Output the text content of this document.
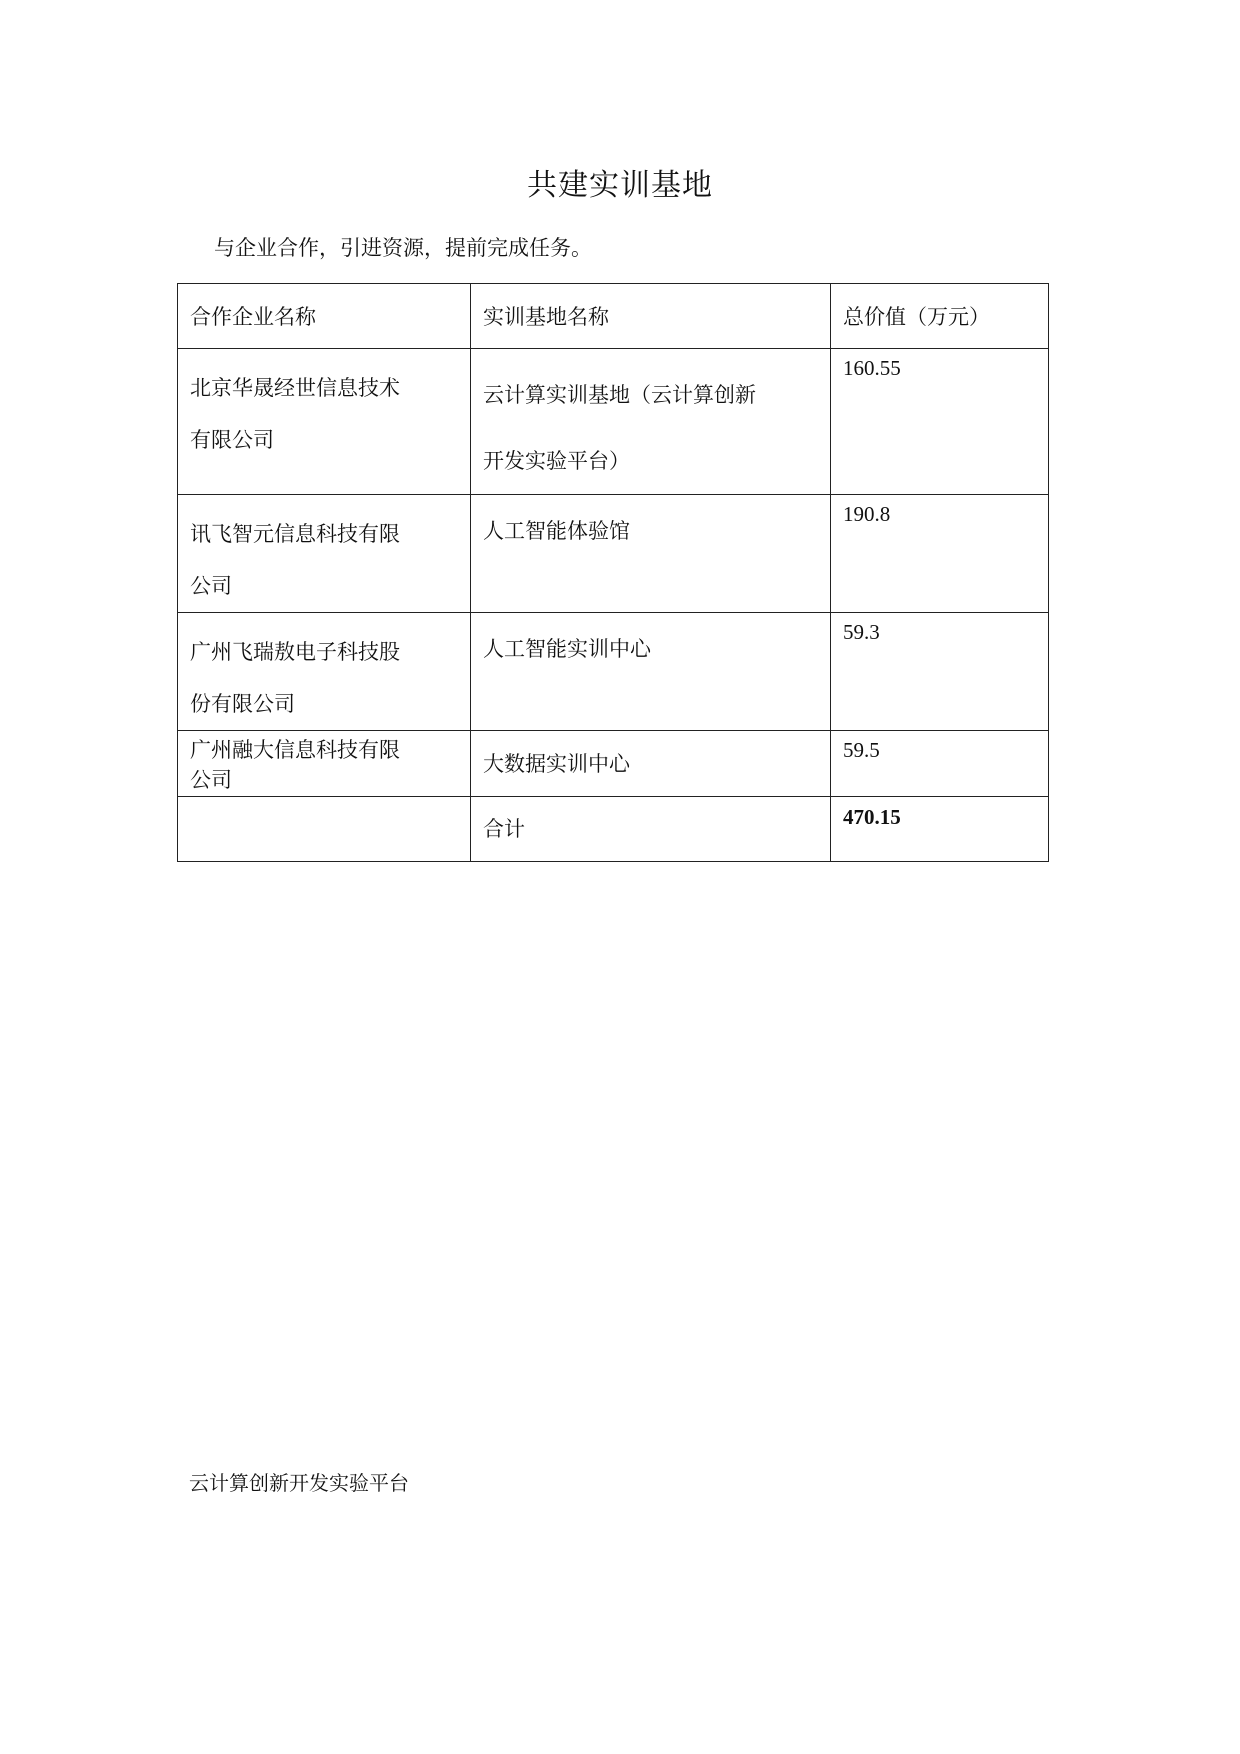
共建实训基地
与企业合作，引进资源，提前完成任务。
合作企业名称	实训基地名称	总价值（万元）

北京华晟经世信息技术
有限公司	云计算实训基地（云计算创新
开发实验平台）	160.55

讯飞智元信息科技有限
公司	人工智能体验馆	190.8

广州飞瑞敖电子科技股
份有限公司	人工智能实训中心	59.3

广州融大信息科技有限
公司	大数据实训中心	59.5
	合计	470.15
云计算创新开发实验平台
